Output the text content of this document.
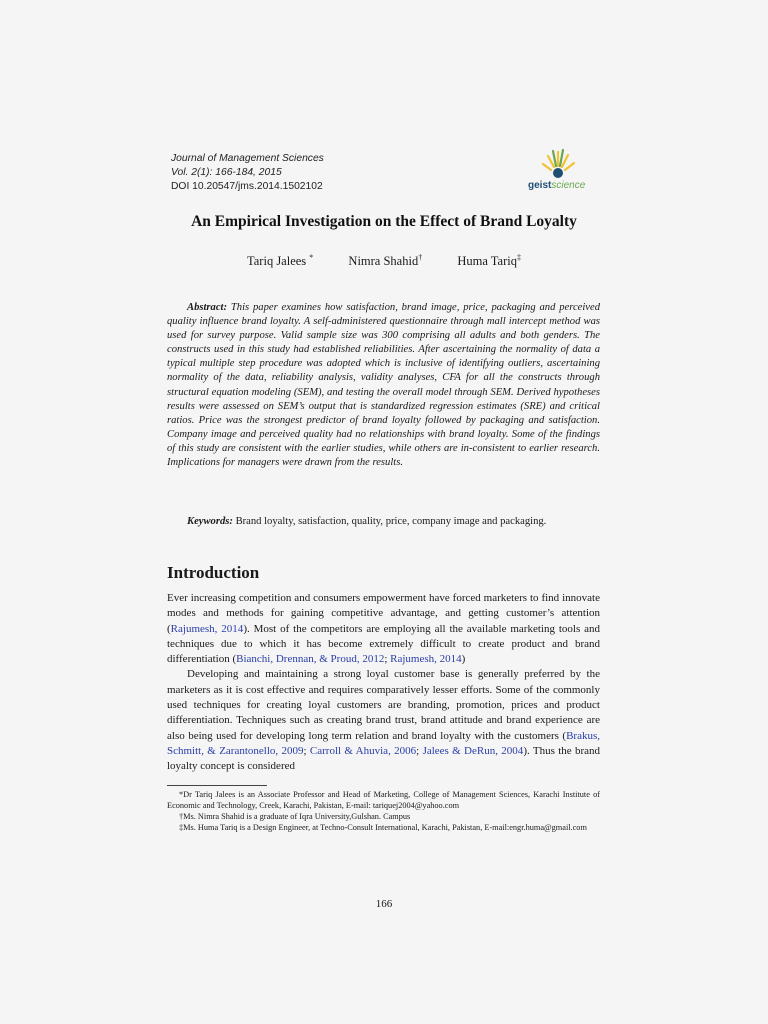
Journal of Management Sciences
Vol. 2(1): 166-184, 2015
DOI 10.20547/jms.2014.1502102	geistscience
An Empirical Investigation on the Effect of Brand Loyalty
Tariq Jalees *	Nimra Shahid†	Huma Tariq‡
Abstract: This paper examines how satisfaction, brand image, price, packaging and perceived quality influence brand loyalty. A self-administered questionnaire through mall intercept method was used for survey purpose. Valid sample size was 300 comprising all adults and both genders. The constructs used in this study had established reliabilities. After ascertaining the normality of data a typical multiple step procedure was adopted which is inclusive of identifying outliers, ascertaining normality of the data, reliability analysis, validity analyses, CFA for all the constructs through structural equation modeling (SEM), and testing the overall model through SEM. Derived hypotheses results were assessed on SEM’s output that is standardized regression estimates (SRE) and critical ratios. Price was the strongest predictor of brand loyalty followed by packaging and satisfaction. Company image and perceived quality had no relationships with brand loyalty. Some of the findings of this study are consistent with the earlier studies, while others are in-consistent to earlier research. Implications for managers were drawn from the results.
Keywords: Brand loyalty, satisfaction, quality, price, company image and packaging.
Introduction

Ever increasing competition and consumers empowerment have forced marketers to find innovate modes and methods for gaining competitive advantage, and getting customer’s attention (Rajumesh, 2014). Most of the competitors are employing all the available marketing tools and techniques due to which it has become extremely difficult to create product and brand differentiation (Bianchi, Drennan, & Proud, 2012; Rajumesh, 2014)

Developing and maintaining a strong loyal customer base is generally preferred by the marketers as it is cost effective and requires comparatively lesser efforts. Some of the commonly used techniques for creating loyal customers are branding, promotion, prices and product differentiation. Techniques such as creating brand trust, brand attitude and brand experience are also being used for developing long term relation and brand loyalty with the customers (Brakus, Schmitt, & Zarantonello, 2009; Carroll & Ahuvia, 2006; Jalees & DeRun, 2004). Thus the brand loyalty concept is considered

*Dr Tariq Jalees is an Associate Professor and Head of Marketing, College of Management Sciences, Karachi Institute of Economic and Technology, Creek, Karachi, Pakistan, E-mail: tariquej2004@yahoo.com

†Ms. Nimra Shahid is a graduate of Iqra University,Gulshan. Campus

‡Ms. Huma Tariq is a Design Engineer, at Techno-Consult International, Karachi, Pakistan, E-mail:engr.huma@gmail.com

166
